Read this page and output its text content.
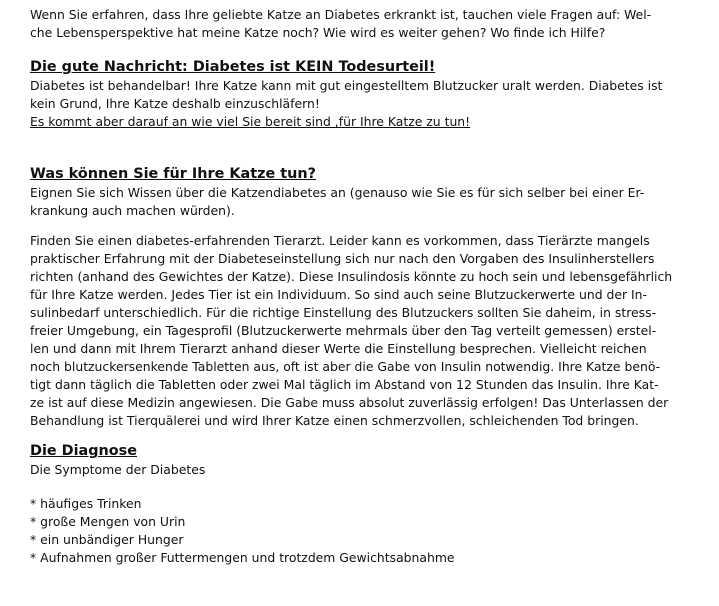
Wenn Sie erfahren, dass Ihre geliebte Katze an Diabetes erkrankt ist, tauchen viele Fragen auf: Wel-
che Lebensperspektive hat meine Katze noch? Wie wird es weiter gehen? Wo finde ich Hilfe?
Die gute Nachricht: Diabetes ist KEIN Todesurteil!
Diabetes ist behandelbar! Ihre Katze kann mit gut eingestelltem Blutzucker uralt werden. Diabetes ist
kein Grund, Ihre Katze deshalb einzuschläfern!
Es kommt aber darauf an wie viel Sie bereit sind ,für Ihre Katze zu tun!
Was können Sie für Ihre Katze tun?
Eignen Sie sich Wissen über die Katzendiabetes an (genauso wie Sie es für sich selber bei einer Er-
krankung auch machen würden).
Finden Sie einen diabetes-erfahrenden Tierarzt. Leider kann es vorkommen, dass Tierärzte mangels
praktischer Erfahrung mit der Diabeteseinstellung sich nur nach den Vorgaben des Insulinherstellers
richten (anhand des Gewichtes der Katze). Diese Insulindosis könnte zu hoch sein und lebensgefährlich
für Ihre Katze werden. Jedes Tier ist ein Individuum. So sind auch seine Blutzuckerwerte und der In-
sulinbedarf unterschiedlich. Für die richtige Einstellung des Blutzuckers sollten Sie daheim, in stress-
freier Umgebung, ein Tagesprofil (Blutzuckerwerte mehrmals über den Tag verteilt gemessen) erstel-
len und dann mit Ihrem Tierarzt anhand dieser Werte die Einstellung besprechen. Vielleicht reichen
noch blutzuckersenkende Tabletten aus, oft ist aber die Gabe von Insulin notwendig. Ihre Katze benö-
tigt dann täglich die Tabletten oder zwei Mal täglich im Abstand von 12 Stunden das Insulin. Ihre Kat-
ze ist auf diese Medizin angewiesen. Die Gabe muss absolut zuverlässig erfolgen! Das Unterlassen der
Behandlung ist Tierquälerei und wird Ihrer Katze einen schmerzvollen, schleichenden Tod bringen.
Die Diagnose
Die Symptome der Diabetes
* häufiges Trinken
* große Mengen von Urin
* ein unbändiger Hunger
* Aufnahmen großer Futtermengen und trotzdem Gewichtsabnahme
